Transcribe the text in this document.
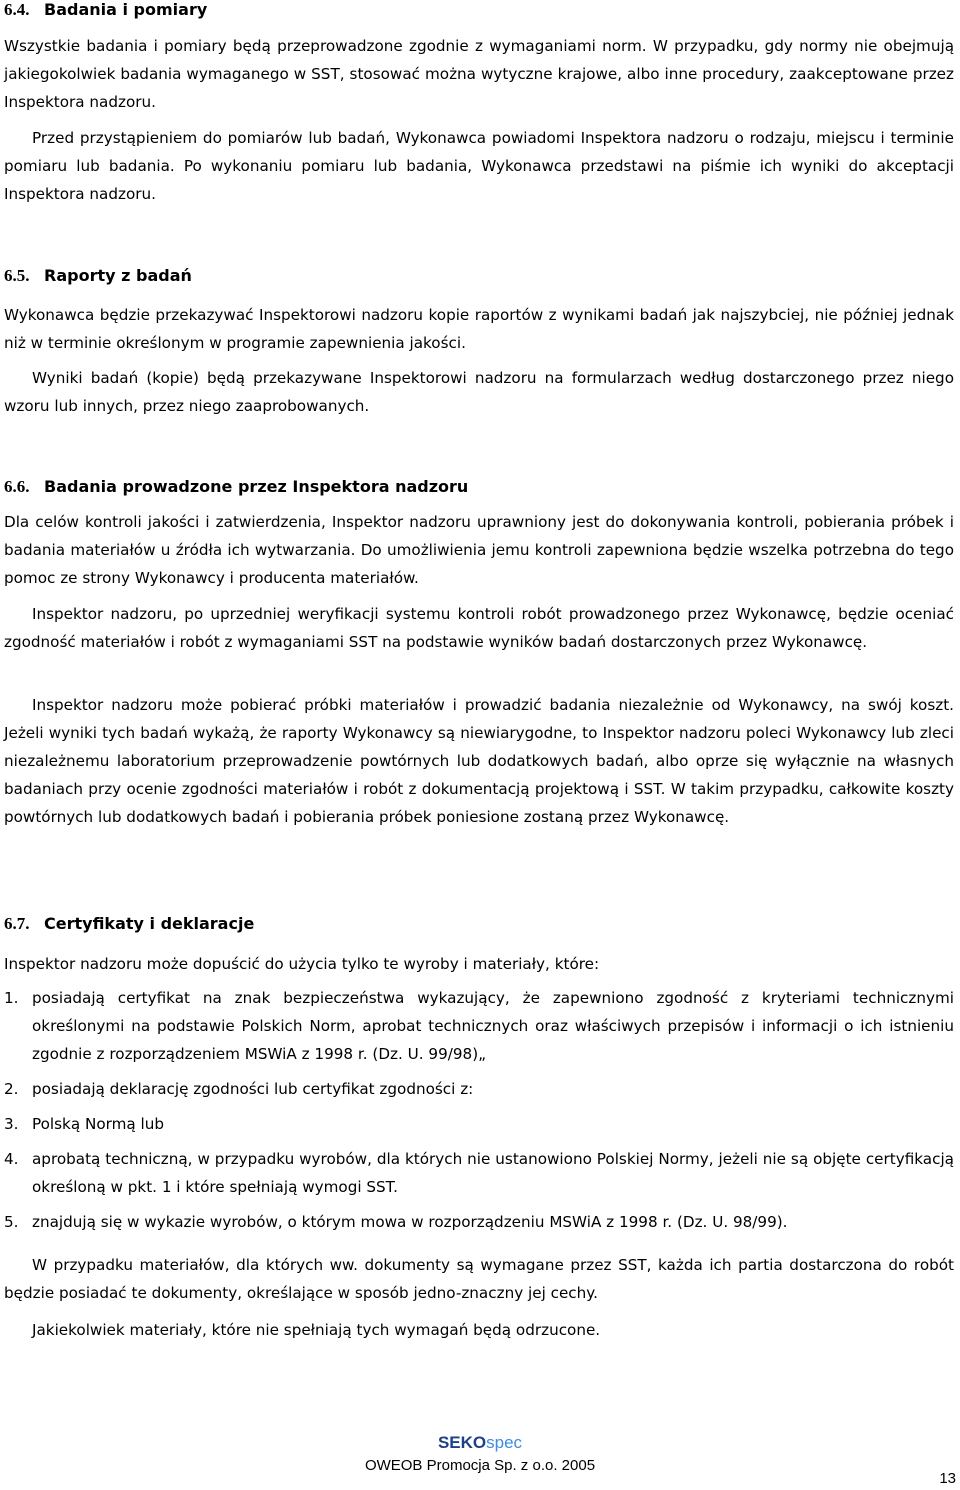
6.4. Badania i pomiary

Wszystkie badania i pomiary będą przeprowadzone zgodnie z wymaganiami norm. W przypadku, gdy normy nie obejmują jakiegokolwiek badania wymaganego w SST, stosować można wytyczne krajowe, albo inne procedury, zaakceptowane przez Inspektora nadzoru.

Przed przystąpieniem do pomiarów lub badań, Wykonawca powiadomi Inspektora nadzoru o rodzaju, miejscu i terminie pomiaru lub badania. Po wykonaniu pomiaru lub badania, Wykonawca przedstawi na piśmie ich wyniki do akceptacji Inspektora nadzoru.

6.5. Raporty z badań

Wykonawca będzie przekazywać Inspektorowi nadzoru kopie raportów z wynikami badań jak najszybciej, nie później jednak niż w terminie określonym w programie zapewnienia jakości.

Wyniki badań (kopie) będą przekazywane Inspektorowi nadzoru na formularzach według dostarczonego przez niego wzoru lub innych, przez niego zaaprobowanych.

6.6. Badania prowadzone przez Inspektora nadzoru

Dla celów kontroli jakości i zatwierdzenia, Inspektor nadzoru uprawniony jest do dokonywania kontroli, pobierania próbek i badania materiałów u źródła ich wytwarzania. Do umożliwienia jemu kontroli zapewniona będzie wszelka potrzebna do tego pomoc ze strony Wykonawcy i producenta materiałów.

Inspektor nadzoru, po uprzedniej weryfikacji systemu kontroli robót prowadzonego przez Wykonawcę, będzie oceniać zgodność materiałów i robót z wymaganiami SST na podstawie wyników badań dostarczonych przez Wykonawcę.

Inspektor nadzoru może pobierać próbki materiałów i prowadzić badania niezależnie od Wykonawcy, na swój koszt. Jeżeli wyniki tych badań wykażą, że raporty Wykonawcy są niewiarygodne, to Inspektor nadzoru poleci Wykonawcy lub zleci niezależnemu laboratorium przeprowadzenie powtórnych lub dodatkowych badań, albo oprze się wyłącznie na własnych badaniach przy ocenie zgodności materiałów i robót z dokumentacją projektową i SST. W takim przypadku, całkowite koszty powtórnych lub dodatkowych badań i pobierania próbek poniesione zostaną przez Wykonawcę.

6.7. Certyfikaty i deklaracje

Inspektor nadzoru może dopuścić do użycia tylko te wyroby i materiały, które:

1. posiadają certyfikat na znak bezpieczeństwa wykazujący, że zapewniono zgodność z kryteriami technicznymi określonymi na podstawie Polskich Norm, aprobat technicznych oraz właściwych przepisów i informacji o ich istnieniu zgodnie z rozporządzeniem MSWiA z 1998 r. (Dz. U. 99/98)„
2. posiadają deklarację zgodności lub certyfikat zgodności z:
3. Polską Normą lub
4. aprobatą techniczną, w przypadku wyrobów, dla których nie ustanowiono Polskiej Normy, jeżeli nie są objęte certyfikacją określoną w pkt. 1 i które spełniają wymogi SST.
5. znajdują się w wykazie wyrobów, o którym mowa w rozporządzeniu MSWiA z 1998 r. (Dz. U. 98/99).

W przypadku materiałów, dla których ww. dokumenty są wymagane przez SST, każda ich partia dostarczona do robót będzie posiadać te dokumenty, określające w sposób jedno-znaczny jej cechy.

Jakiekolwiek materiały, które nie spełniają tych wymagań będą odrzucone.

SEKOspec
OWEOB Promocja Sp. z o.o. 2005
13
